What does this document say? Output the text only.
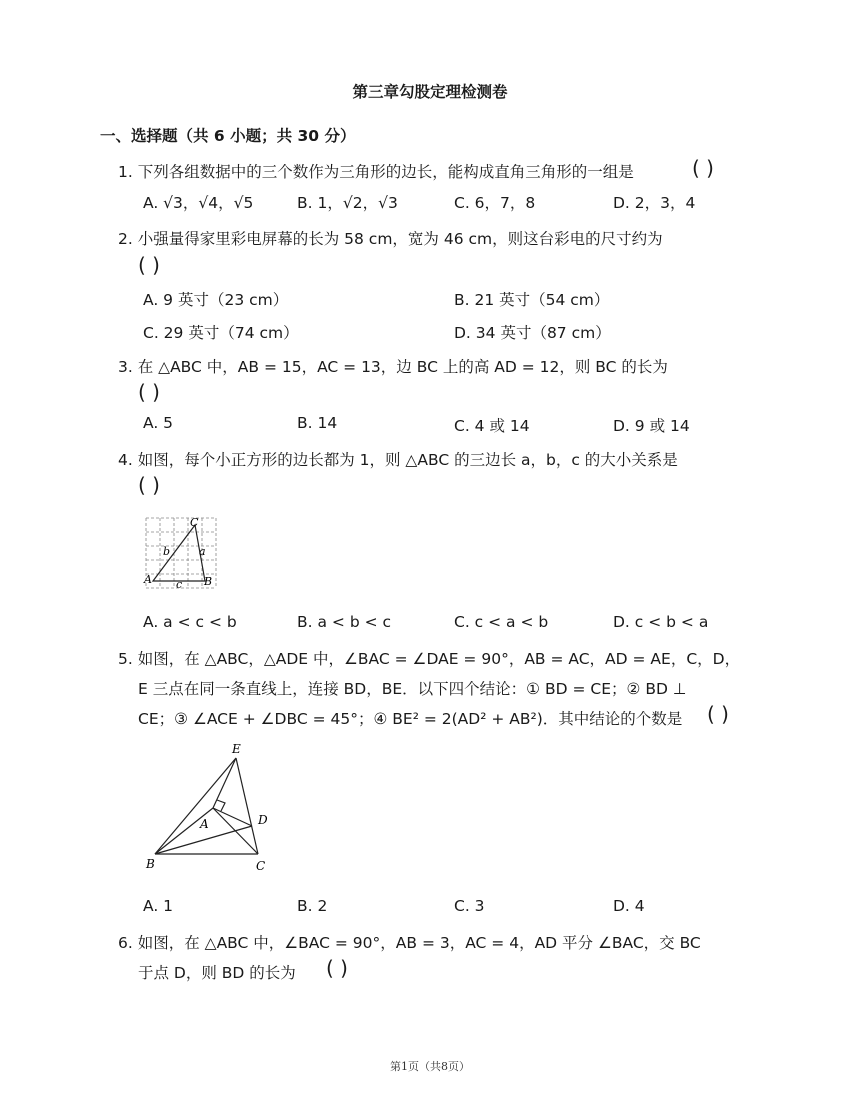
第三章勾股定理检测卷
一、选择题（共 6 小题；共 30 分）
1. 下列各组数据中的三个数作为三角形的边长，能构成直角三角形的一组是	( )
A. √3，√4，√5	B. 1，√2，√3	C. 6，7，8	D. 2，3，4
2. 小强量得家里彩电屏幕的长为 58 cm，宽为 46 cm，则这台彩电的尺寸约为
( )
A. 9 英寸（23 cm）	B. 21 英寸（54 cm）
C. 29 英寸（74 cm）	D. 34 英寸（87 cm）
3. 在 △ABC 中，AB = 15，AC = 13，边 BC 上的高 AD = 12，则 BC 的长为
( )
A. 5	B. 14	C. 4 或 14	D. 9 或 14
4. 如图，每个小正方形的边长都为 1，则 △ABC 的三边长 a，b，c 的大小关系是
( )
A	B
C
a
b
c
A. a < c < b	B. a < b < c	C. c < a < b	D. c < b < a
5. 如图，在 △ABC，△ADE 中，∠BAC = ∠DAE = 90°，AB = AC，AD = AE，C，D，
E 三点在同一条直线上，连接 BD，BE．以下四个结论：① BD = CE；② BD ⊥
CE；③ ∠ACE + ∠DBC = 45°；④ BE² = 2(AD² + AB²)．其中结论的个数是 ( )
B	C
D
E
A
A. 1	B. 2	C. 3	D. 4
6. 如图，在 △ABC 中，∠BAC = 90°，AB = 3，AC = 4，AD 平分 ∠BAC，交 BC
于点 D，则 BD 的长为 ( )
第1页（共8页）
